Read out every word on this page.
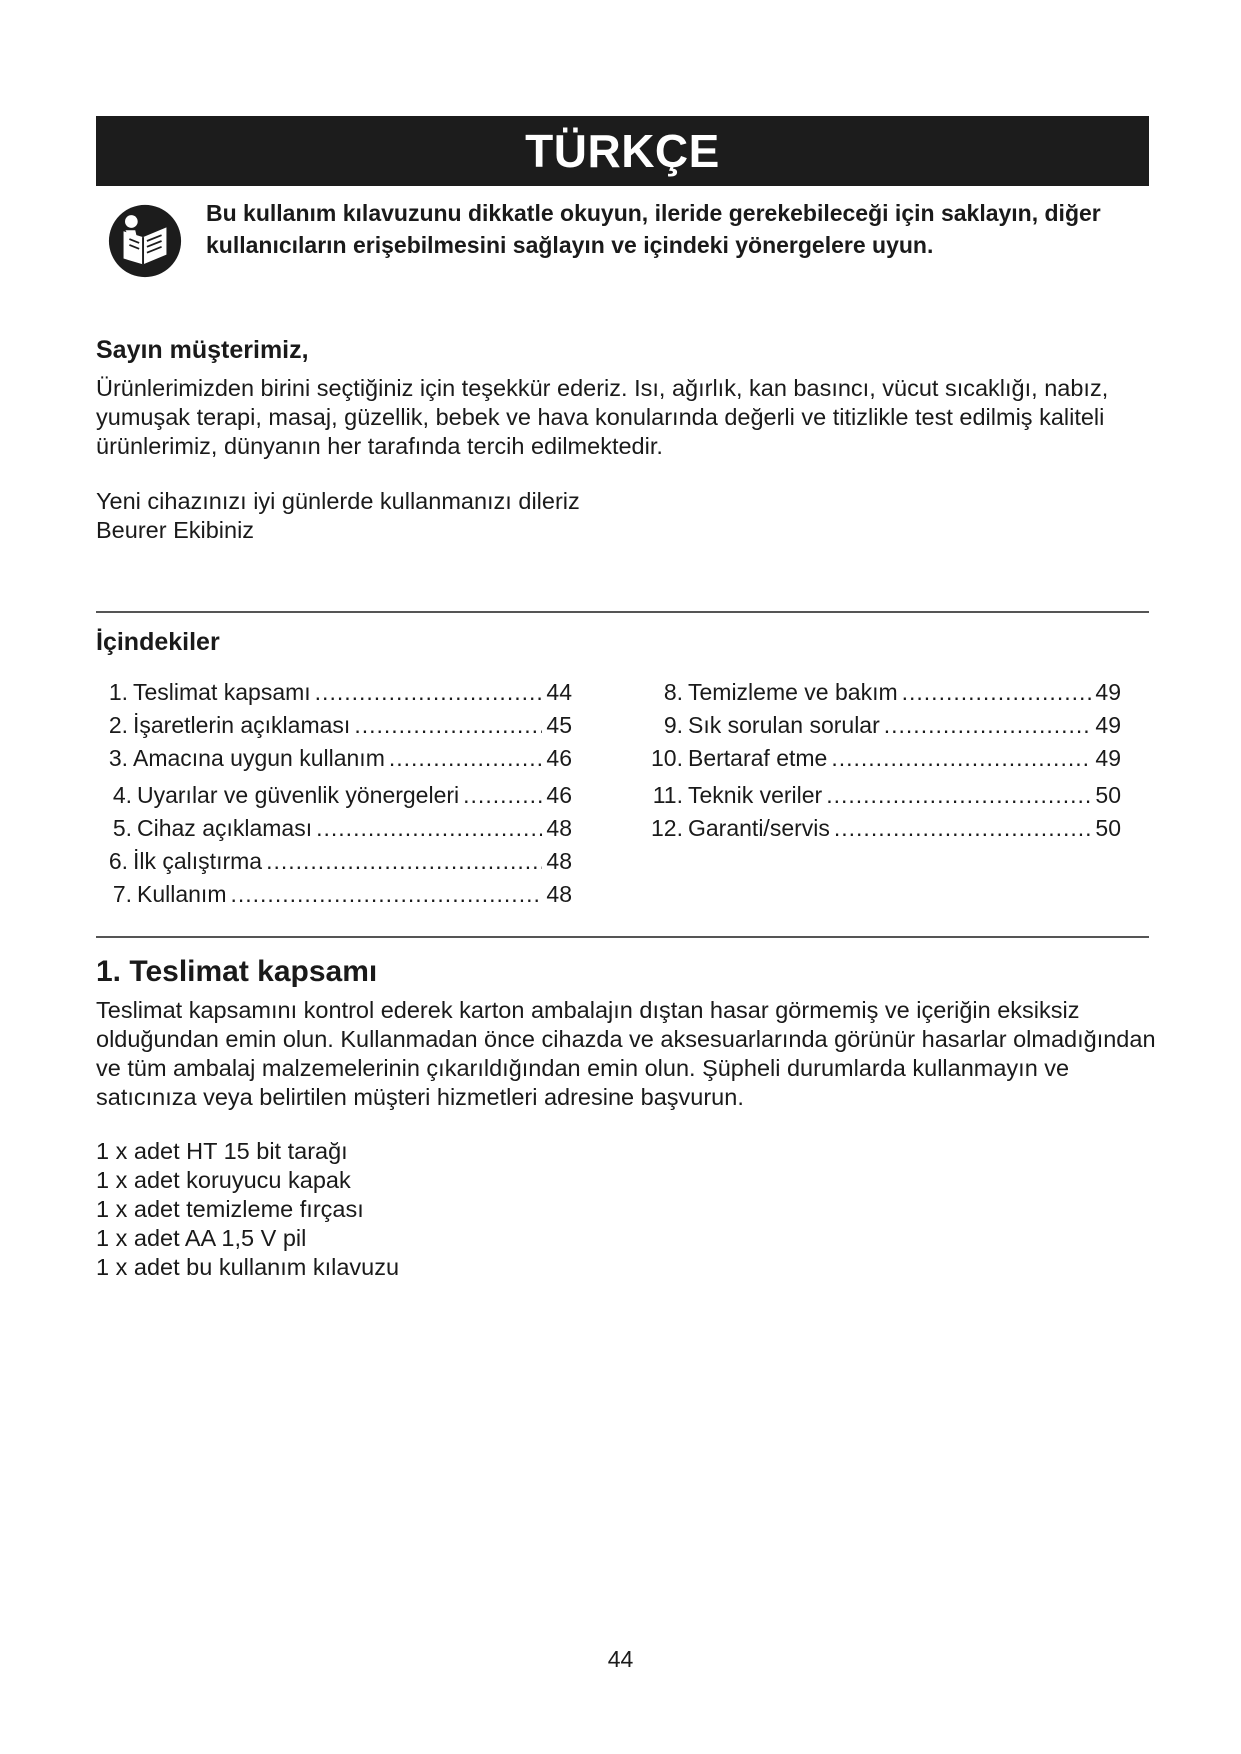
TÜRKÇE
Bu kullanım kılavuzunu dikkatle okuyun, ileride gerekebileceği için saklayın, diğer kullanıcıların erişebilmesini sağlayın ve içindeki yönergelere uyun.
Sayın müşterimiz,
Ürünlerimizden birini seçtiğiniz için teşekkür ederiz. Isı, ağırlık, kan basıncı, vücut sıcaklığı, nabız, yumuşak terapi, masaj, güzellik, bebek ve hava konularında değerli ve titizlikle test edilmiş kaliteli ürünlerimiz, dünyanın her tarafında tercih edilmektedir.
Yeni cihazınızı iyi günlerde kullanmanızı dileriz
Beurer Ekibiniz
İçindekiler
1. Teslimat kapsamı .....	44
2. İşaretlerin açıklaması .....	45
3. Amacına uygun kullanım .....	46
4. Uyarılar ve güvenlik yönergeleri .....	46
5. Cihaz açıklaması .....	48
6. İlk çalıştırma .....	48
7. Kullanım .....	48
8. Temizleme ve bakım .....	49
9. Sık sorulan sorular .....	49
10. Bertaraf etme .....	49
11. Teknik veriler .....	50
12. Garanti/servis .....	50
1. Teslimat kapsamı
Teslimat kapsamını kontrol ederek karton ambalajın dıştan hasar görmemiş ve içeriğin eksiksiz olduğundan emin olun. Kullanmadan önce cihazda ve aksesuarlarında görünür hasarlar olmadığından ve tüm ambalaj malzemelerinin çıkarıldığından emin olun. Şüpheli durumlarda kullanmayın ve satıcınıza veya belirtilen müşteri hizmetleri adresine başvurun.
1 x adet HT 15 bit tarağı
1 x adet koruyucu kapak
1 x adet temizleme fırçası
1 x adet AA 1,5 V pil
1 x adet bu kullanım kılavuzu
44
